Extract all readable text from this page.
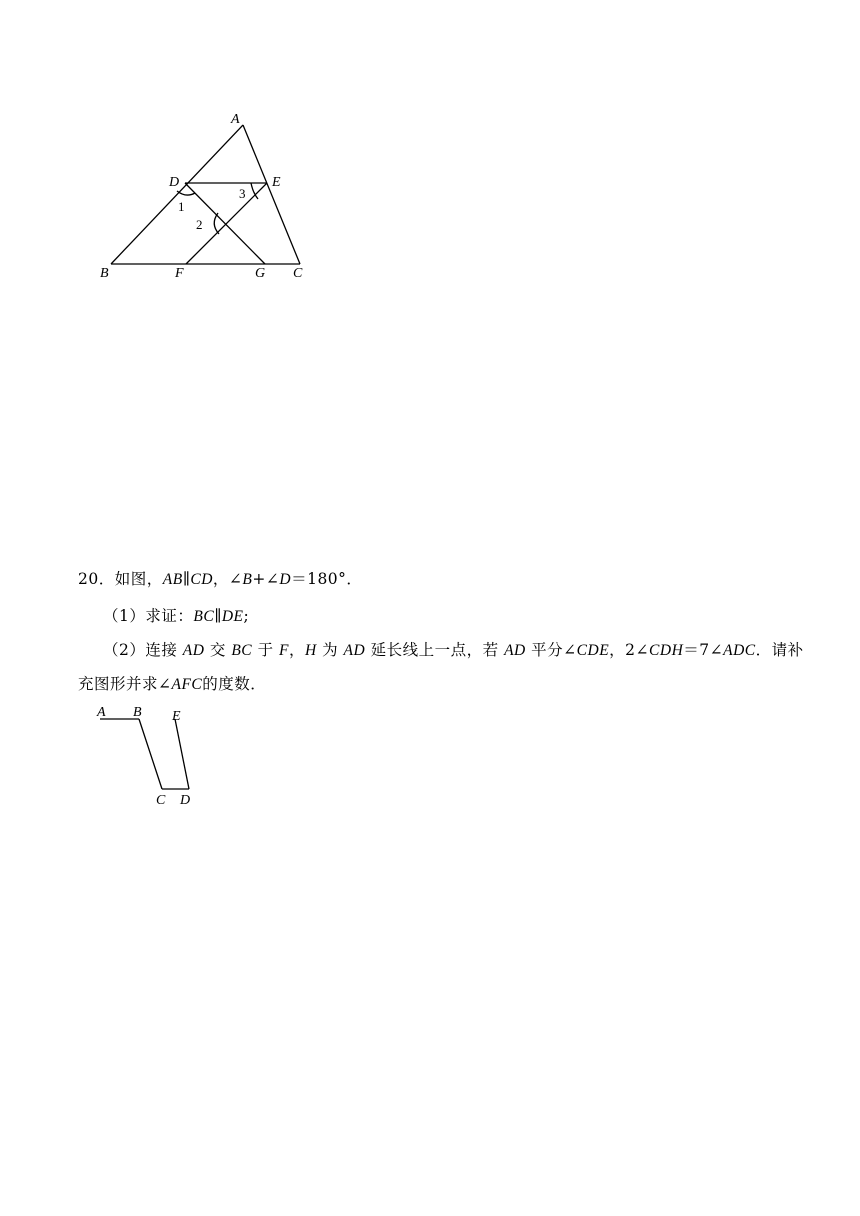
A
D	E
B	F	G C
1
2
3
20．如图，AB∥CD，∠B+∠D＝180°．
（1）求证：BC∥DE;
（2）连接 AD 交 BC 于 F，H 为 AD 延长线上一点，若 AD 平分∠CDE，2∠CDH＝7∠ADC．请补
充图形并求∠AFC的度数．
A B E
C D
